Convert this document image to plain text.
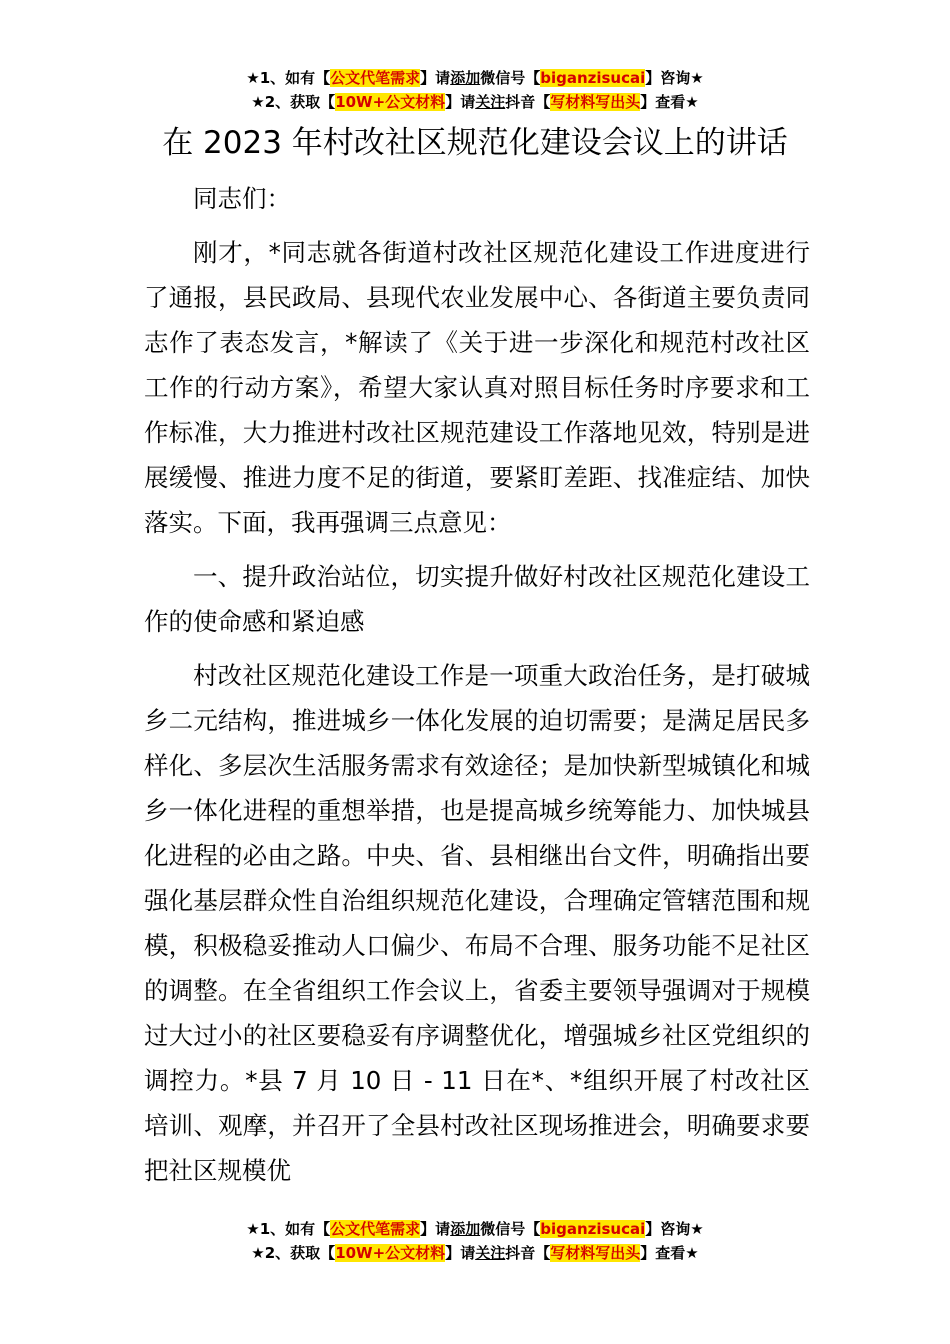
★1、如有【公文代笔需求】请添加微信号【biganzisucai】咨询★
★2、获取【10W+公文材料】请关注抖音【写材料写出头】查看★
在 2023 年村改社区规范化建设会议上的讲话

同志们：

刚才，*同志就各街道村改社区规范化建设工作进度进行了通报，县民政局、县现代农业发展中心、各街道主要负责同志作了表态发言，*解读了《关于进一步深化和规范村改社区工作的行动方案》，希望大家认真对照目标任务时序要求和工作标准，大力推进村改社区规范建设工作落地见效，特别是进展缓慢、推进力度不足的街道，要紧盯差距、找准症结、加快落实。下面，我再强调三点意见：

一、提升政治站位，切实提升做好村改社区规范化建设工作的使命感和紧迫感

村改社区规范化建设工作是一项重大政治任务，是打破城乡二元结构，推进城乡一体化发展的迫切需要；是满足居民多样化、多层次生活服务需求有效途径；是加快新型城镇化和城乡一体化进程的重想举措，也是提高城乡统筹能力、加快城县化进程的必由之路。中央、省、县相继出台文件，明确指出要强化基层群众性自治组织规范化建设，合理确定管辖范围和规模，积极稳妥推动人口偏少、布局不合理、服务功能不足社区的调整。在全省组织工作会议上，省委主要领导强调对于规模过大过小的社区要稳妥有序调整优化，增强城乡社区党组织的调控力。*县 7 月 10 日 - 11 日在*、*组织开展了村改社区培训、观摩，并召开了全县村改社区现场推进会，明确要求要把社区规模优

★1、如有【公文代笔需求】请添加微信号【biganzisucai】咨询★
★2、获取【10W+公文材料】请关注抖音【写材料写出头】查看★
